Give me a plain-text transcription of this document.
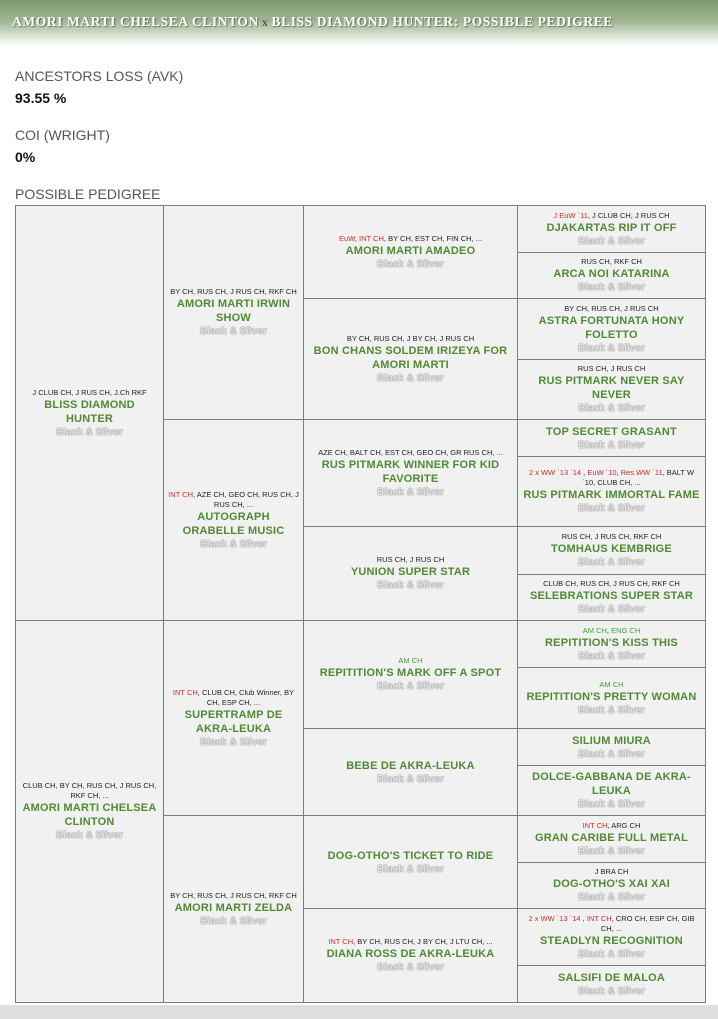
AMORI MARTI CHELSEA CLINTON x BLISS DIAMOND HUNTER: POSSIBLE PEDIGREE
ANCESTORS LOSS (AVK)
93.55 %
COI (WRIGHT)
0%
POSSIBLE PEDIGREE
J CLUB CH, J RUS CH, J.Ch RKF
BLISS DIAMOND HUNTER
Black & Silver
BY CH, RUS CH, J RUS CH, RKF CH
AMORI MARTI IRWIN SHOW
Black & Silver
EuW, INT CH, BY CH, EST CH, FIN CH, ...
AMORI MARTI AMADEO
Black & Silver
J EuW `11, J CLUB CH, J RUS CH
DJAKARTAS RIP IT OFF
Black & Silver
RUS CH, RKF CH
ARCA NOI KATARINA
Black & Silver
BY CH, RUS CH, J BY CH, J RUS CH
BON CHANS SOLDEM IRIZEYA FOR AMORI MARTI
Black & Silver
BY CH, RUS CH, J RUS CH
ASTRA FORTUNATA HONY FOLETTO
Black & Silver
RUS CH, J RUS CH
RUS PITMARK NEVER SAY NEVER
Black & Silver
INT CH, AZE CH, GEO CH, RUS CH, J RUS CH, ...
AUTOGRAPH ORABELLE MUSIC
Black & Silver
AZE CH, BALT CH, EST CH, GEO CH, GR RUS CH, ...
RUS PITMARK WINNER FOR KID FAVORITE
Black & Silver
TOP SECRET GRASANT
Black & Silver
2 x WW `13 `14 , EuW `10, Res.WW `11, BALT W `10, CLUB CH, ...
RUS PITMARK IMMORTAL FAME
Black & Silver
RUS CH, J RUS CH
YUNION SUPER STAR
Black & Silver
RUS CH, J RUS CH, RKF CH
TOMHAUS KEMBRIGE
Black & Silver
CLUB CH, RUS CH, J RUS CH, RKF CH
SELEBRATIONS SUPER STAR
Black & Silver
CLUB CH, BY CH, RUS CH, J RUS CH, RKF CH, ...
AMORI MARTI CHELSEA CLINTON
Black & Silver
INT CH, CLUB CH, Club Winner, BY CH, ESP CH, ...
SUPERTRAMP DE AKRA-LEUKA
Black & Silver
AM CH
REPITITION'S MARK OFF A SPOT
Black & Silver
AM CH, ENG CH
REPITITION'S KISS THIS
Black & Silver
AM CH
REPITITION'S PRETTY WOMAN
Black & Silver
BEBE DE AKRA-LEUKA
Black & Silver
SILIUM MIURA
Black & Silver
DOLCE-GABBANA DE AKRA-LEUKA
Black & Silver
BY CH, RUS CH, J RUS CH, RKF CH
AMORI MARTI ZELDA
Black & Silver
DOG-OTHO'S TICKET TO RIDE
Black & Silver
INT CH, ARG CH
GRAN CARIBE FULL METAL
Black & Silver
J BRA CH
DOG-OTHO'S XAI XAI
Black & Silver
INT CH, BY CH, RUS CH, J BY CH, J LTU CH, ...
DIANA ROSS DE AKRA-LEUKA
Black & Silver
2 x WW `13 `14 , INT CH, CRO CH, ESP CH, GIB CH, ...
STEADLYN RECOGNITION
Black & Silver
SALSIFI DE MALOA
Black & Silver
